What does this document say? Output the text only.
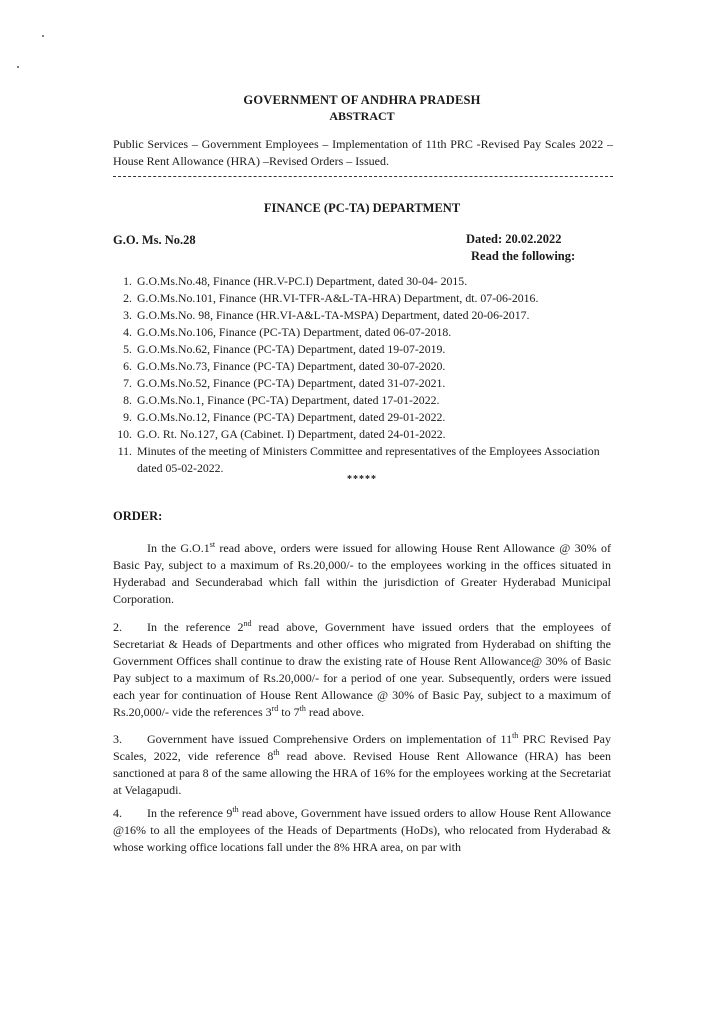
GOVERNMENT OF ANDHRA PRADESH
ABSTRACT
Public Services – Government Employees – Implementation of 11th PRC -Revised Pay Scales 2022 – House Rent Allowance (HRA) –Revised Orders – Issued.
FINANCE (PC-TA) DEPARTMENT
G.O. Ms. No.28	Dated: 20.02.2022
Read the following:
1. G.O.Ms.No.48, Finance (HR.V-PC.I) Department, dated 30-04- 2015.
2. G.O.Ms.No.101, Finance (HR.VI-TFR-A&L-TA-HRA) Department, dt. 07-06-2016.
3. G.O.Ms.No. 98, Finance (HR.VI-A&L-TA-MSPA) Department, dated 20-06-2017.
4. G.O.Ms.No.106, Finance (PC-TA) Department, dated 06-07-2018.
5. G.O.Ms.No.62, Finance (PC-TA) Department, dated 19-07-2019.
6. G.O.Ms.No.73, Finance (PC-TA) Department, dated 30-07-2020.
7. G.O.Ms.No.52, Finance (PC-TA) Department, dated 31-07-2021.
8. G.O.Ms.No.1, Finance (PC-TA) Department, dated 17-01-2022.
9. G.O.Ms.No.12, Finance (PC-TA) Department, dated 29-01-2022.
10. G.O. Rt. No.127, GA (Cabinet. I) Department, dated 24-01-2022.
11. Minutes of the meeting of Ministers Committee and representatives of the Employees Association dated 05-02-2022.
*****
ORDER:

In the G.O.1st read above, orders were issued for allowing House Rent Allowance @ 30% of Basic Pay, subject to a maximum of Rs.20,000/- to the employees working in the offices situated in Hyderabad and Secunderabad which fall within the jurisdiction of Greater Hyderabad Municipal Corporation.

2. In the reference 2nd read above, Government have issued orders that the employees of Secretariat & Heads of Departments and other offices who migrated from Hyderabad on shifting the Government Offices shall continue to draw the existing rate of House Rent Allowance@ 30% of Basic Pay subject to a maximum of Rs.20,000/- for a period of one year. Subsequently, orders were issued each year for continuation of House Rent Allowance @ 30% of Basic Pay, subject to a maximum of Rs.20,000/- vide the references 3rd to 7th read above.

3. Government have issued Comprehensive Orders on implementation of 11th PRC Revised Pay Scales, 2022, vide reference 8th read above. Revised House Rent Allowance (HRA) has been sanctioned at para 8 of the same allowing the HRA of 16% for the employees working at the Secretariat at Velagapudi.

4. In the reference 9th read above, Government have issued orders to allow House Rent Allowance @16% to all the employees of the Heads of Departments (HoDs), who relocated from Hyderabad & whose working office locations fall under the 8% HRA area, on par with
